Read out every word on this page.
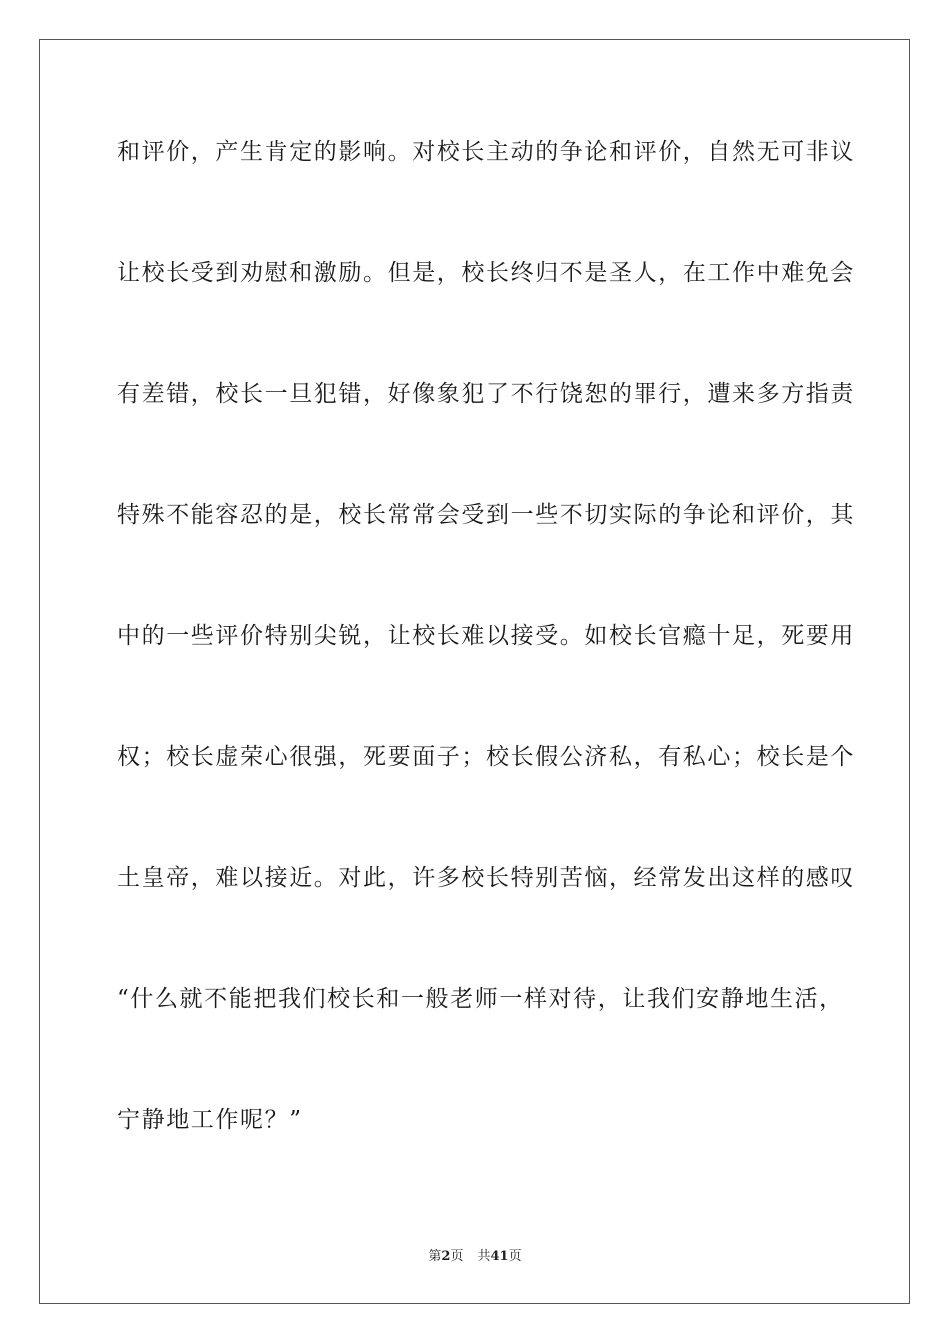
和评价，产生肯定的影响。对校长主动的争论和评价，自然无可非议
让校长受到劝慰和激励。但是，校长终归不是圣人，在工作中难免会
有差错，校长一旦犯错，好像象犯了不行饶恕的罪行，遭来多方指责
特殊不能容忍的是，校长常常会受到一些不切实际的争论和评价，其
中的一些评价特别尖锐，让校长难以接受。如校长官瘾十足，死要用
权；校长虚荣心很强，死要面子；校长假公济私，有私心；校长是个
土皇帝，难以接近。对此，许多校长特别苦恼，经常发出这样的感叹
“什么就不能把我们校长和一般老师一样对待，让我们安静地生活，
宁静地工作呢？”
第2页 共41页
